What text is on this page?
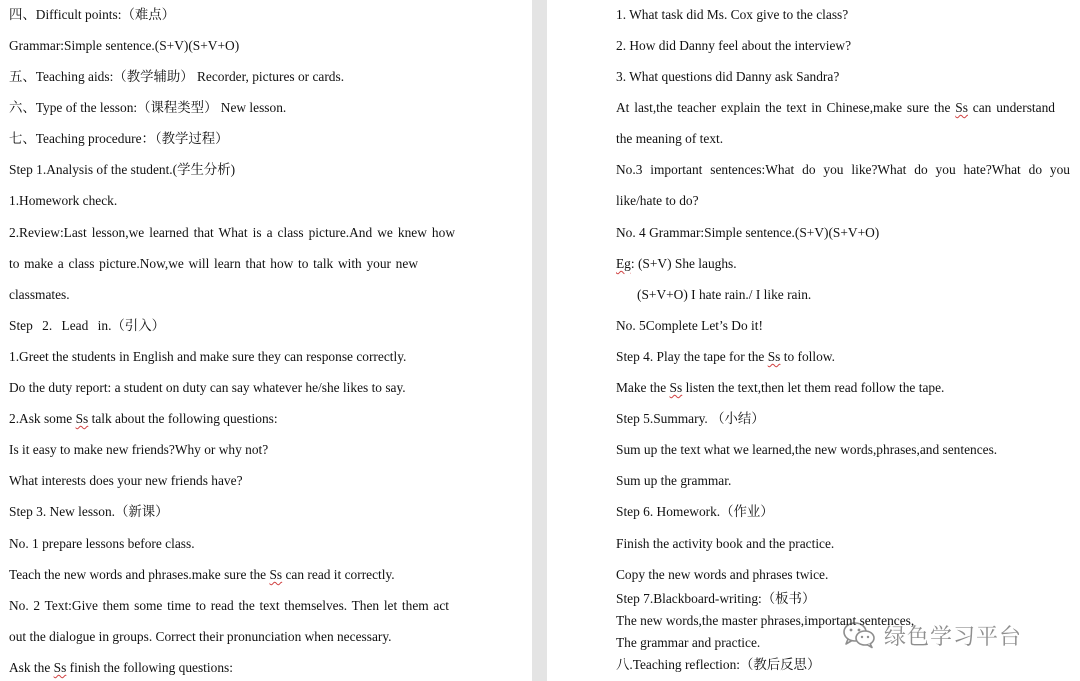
四、Difficult points:（难点）
Grammar:Simple sentence.(S+V)(S+V+O)
五、Teaching aids:（教学辅助） Recorder, pictures or cards.
六、Type of the lesson:（课程类型） New lesson.
七、Teaching procedure：（教学过程）
Step 1.Analysis of the student.(学生分析)
1.Homework check.
2.Review:Last lesson,we learned that What is a class picture.And we knew how
to make a class picture.Now,we will learn that how to talk with your new
classmates.
Step 2. Lead in.（引入）
1.Greet the students in English and make sure they can response correctly.
Do the duty report: a student on duty can say whatever he/she likes to say.
2.Ask some Ss talk about the following questions:
Is it easy to make new friends?Why or why not?
What interests does your new friends have?
Step 3. New lesson.（新课）
No. 1 prepare lessons before class.
Teach the new words and phrases.make sure the Ss can read it correctly.
No. 2 Text:Give them some time to read the text themselves. Then let them act
out the dialogue in groups. Correct their pronunciation when necessary.
Ask the Ss finish the following questions:
1. What task did Ms. Cox give to the class?
2. How did Danny feel about the interview?
3. What questions did Danny ask Sandra?
At last,the teacher explain the text in Chinese,make sure the Ss can understand
the meaning of text.
No.3 important sentences:What do you like?What do you hate?What do you
like/hate to do?
No. 4 Grammar:Simple sentence.(S+V)(S+V+O)
Eg: (S+V) She laughs.
(S+V+O) I hate rain./ I like rain.
No. 5Complete Let’s Do it!
Step 4. Play the tape for the Ss to follow.
Make the Ss listen the text,then let them read follow the tape.
Step 5.Summary. （小结）
Sum up the text what we learned,the new words,phrases,and sentences.
Sum up the grammar.
Step 6. Homework.（作业）
Finish the activity book and the practice.
Copy the new words and phrases twice.
Step 7.Blackboard-writing:（板书）
The new words,the master phrases,important sentences,
The grammar and practice.
八.Teaching reflection:（教后反思）
绿色学习平台
